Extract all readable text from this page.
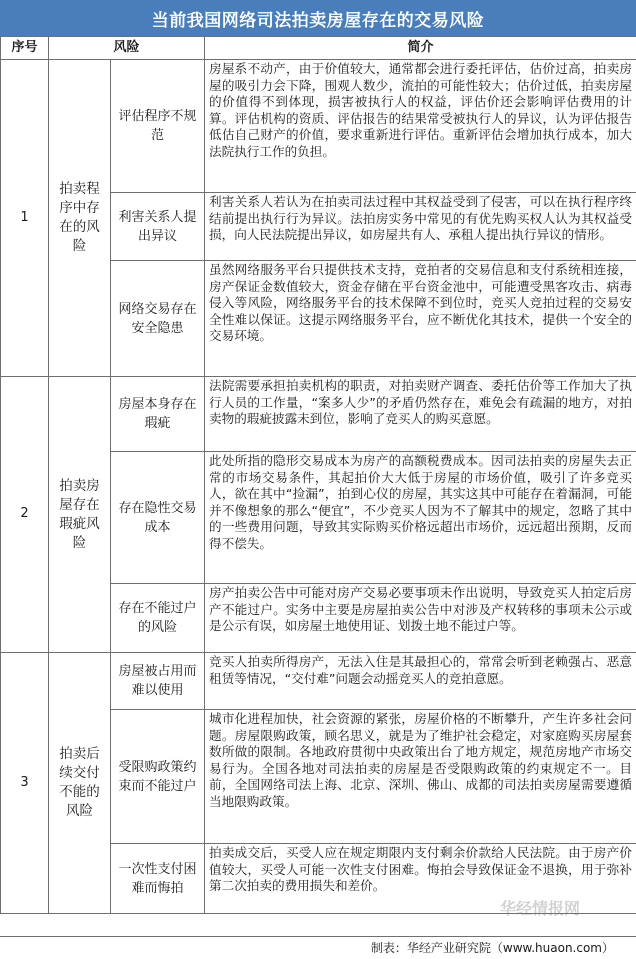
当前我国网络司法拍卖房屋存在的交易风险
序号	风险		简介
1	拍卖程序中存在的风险	评估程序不规范	房屋系不动产，由于价值较大，通常都会进行委托评估，估价过高，拍卖房屋的吸引力会下降，围观人数少，流拍的可能性较大；估价过低，拍卖房屋的价值得不到体现，损害被执行人的权益，评估价还会影响评估费用的计算。评估机构的资质、评估报告的结果常受被执行人的异议，认为评估报告低估自己财产的价值，要求重新进行评估。重新评估会增加执行成本，加大法院执行工作的负担。
		利害关系人提出异议	利害关系人若认为在拍卖司法过程中其权益受到了侵害，可以在执行程序终结前提出执行行为异议。法拍房实务中常见的有优先购买权人认为其权益受损，向人民法院提出异议，如房屋共有人、承租人提出执行异议的情形。
		网络交易存在安全隐患	虽然网络服务平台只提供技术支持，竞拍者的交易信息和支付系统相连接，房产保证金数值较大，资金存储在平台资金池中，可能遭受黑客攻击、病毒侵入等风险，网络服务平台的技术保障不到位时，竞买人竞拍过程的交易安全性难以保证。这提示网络服务平台，应不断优化其技术，提供一个安全的交易环境。
2	拍卖房屋存在瑕疵风险	房屋本身存在瑕疵	法院需要承担拍卖机构的职责，对拍卖财产调查、委托估价等工作加大了执行人员的工作量，“案多人少”的矛盾仍然存在，难免会有疏漏的地方，对拍卖物的瑕疵披露未到位，影响了竞买人的购买意愿。
		存在隐性交易成本	此处所指的隐形交易成本为房产的高额税费成本。因司法拍卖的房屋失去正常的市场交易条件，其起拍价大大低于房屋的市场价值，吸引了许多竞买人，欲在其中“捡漏”，拍到心仪的房屋，其实这其中可能存在着漏洞，可能并不像想象的那么“便宜”，不少竞买人因为不了解其中的规定，忽略了其中的一些费用问题，导致其实际购买价格远超出市场价，远远超出预期，反而得不偿失。
		存在不能过户的风险	房产拍卖公告中可能对房产交易必要事项未作出说明，导致竞买人拍定后房产不能过户。实务中主要是房屋拍卖公告中对涉及产权转移的事项未公示或是公示有误，如房屋土地使用证、划拨土地不能过户等。
3	拍卖后续交付不能的风险	房屋被占用而难以使用	竞买人拍卖所得房产，无法入住是其最担心的，常常会听到老赖强占、恶意租赁等情况，“交付难”问题会动摇竞买人的竞拍意愿。
		受限购政策约束而不能过户	城市化进程加快，社会资源的紧张，房屋价格的不断攀升，产生许多社会问题。房屋限购政策，顾名思义，就是为了维护社会稳定，对家庭购买房屋套数所做的限制。各地政府贯彻中央政策出台了地方规定，规范房地产市场交易行为。全国各地对司法拍卖的房屋是否受限购政策的约束规定不一。目前，全国网络司法上海、北京、深圳、佛山、成都的司法拍卖房屋需要遵循当地限购政策。
		一次性支付困难而悔拍	拍卖成交后，买受人应在规定期限内支付剩余价款给人民法院。由于房产价值较大，买受人可能一次性支付困难。悔拍会导致保证金不退换，用于弥补第二次拍卖的费用损失和差价。
华经情报网
制表：华经产业研究院（www.huaon.com）
